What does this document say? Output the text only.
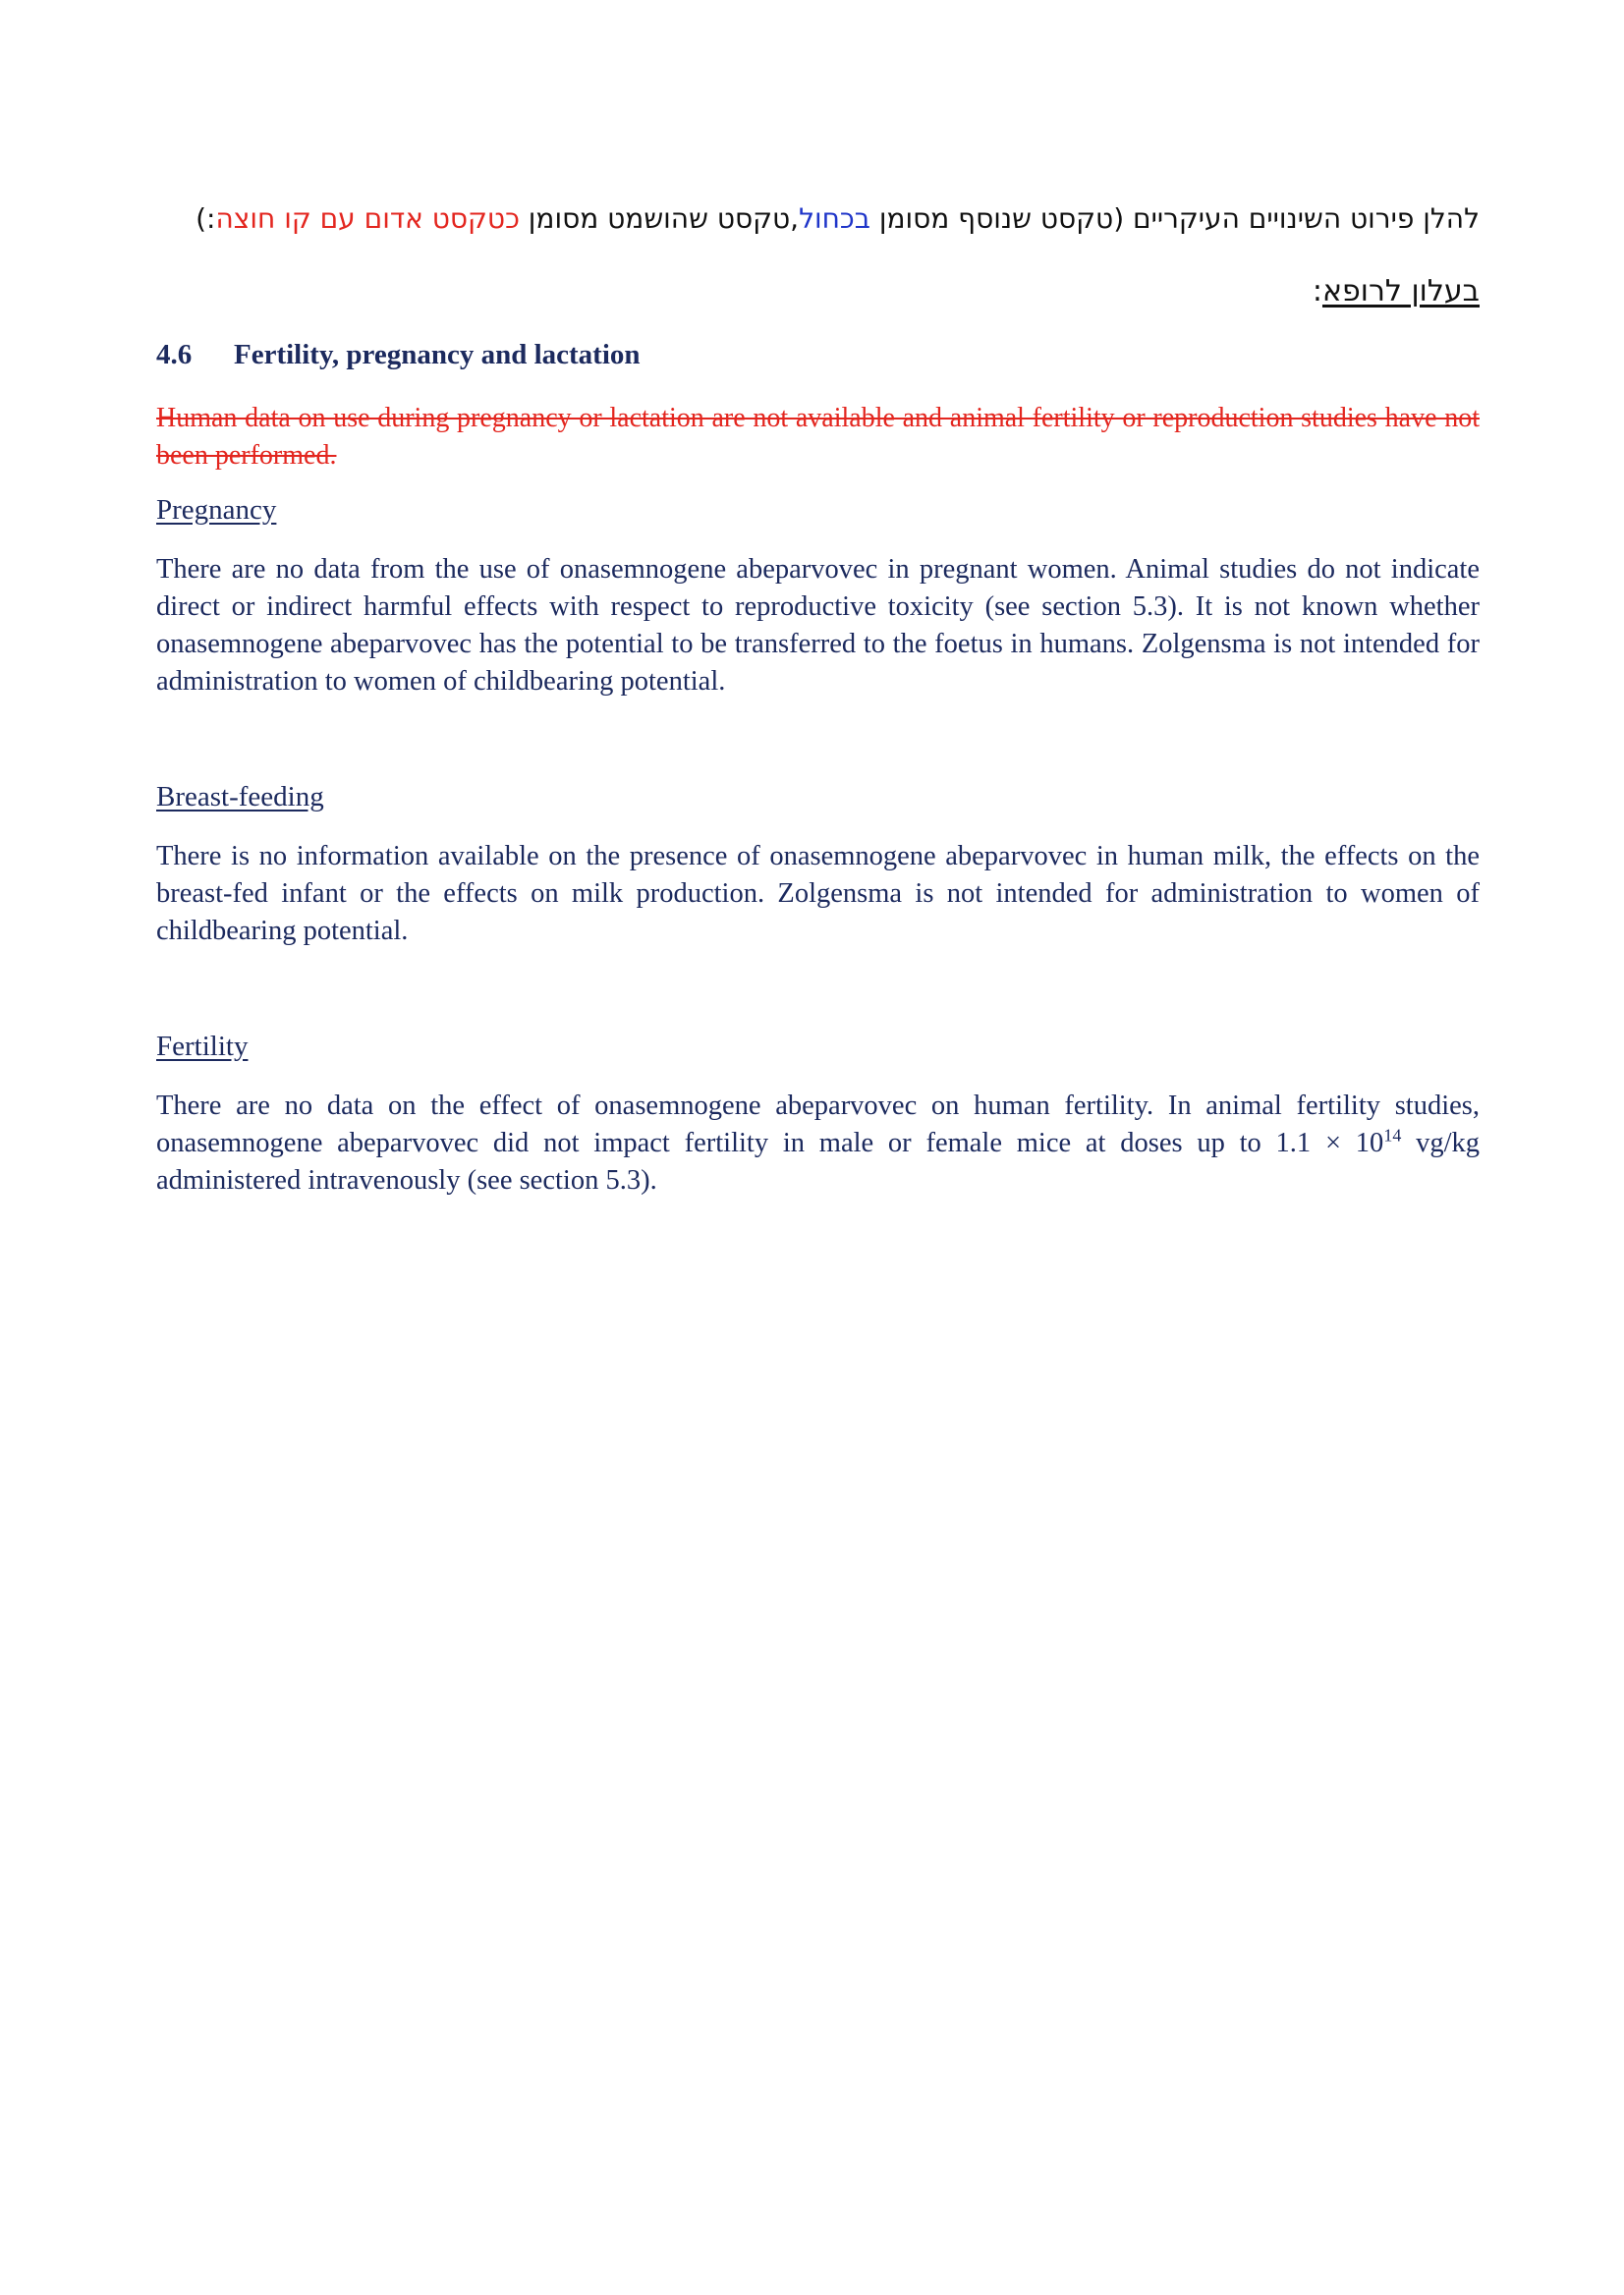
להלן פירוט השינויים העיקריים (טקסט שנוסף מסומן בכחול,טקסט שהושמט מסומן כטקסט אדום עם קו חוצה:)

בעלון לרופא:
4.6 Fertility, pregnancy and lactation
Human data on use during pregnancy or lactation are not available and animal fertility or reproduction studies have not been performed.
Pregnancy
There are no data from the use of onasemnogene abeparvovec in pregnant women. Animal studies do not indicate direct or indirect harmful effects with respect to reproductive toxicity (see section 5.3). It is not known whether onasemnogene abeparvovec has the potential to be transferred to the foetus in humans. Zolgensma is not intended for administration to women of childbearing potential.
Breast-feeding
There is no information available on the presence of onasemnogene abeparvovec in human milk, the effects on the breast-fed infant or the effects on milk production. Zolgensma is not intended for administration to women of childbearing potential.
Fertility
There are no data on the effect of onasemnogene abeparvovec on human fertility. In animal fertility studies, onasemnogene abeparvovec did not impact fertility in male or female mice at doses up to $1.1 \times 10^{14}$ vg/kg administered intravenously (see section 5.3).
